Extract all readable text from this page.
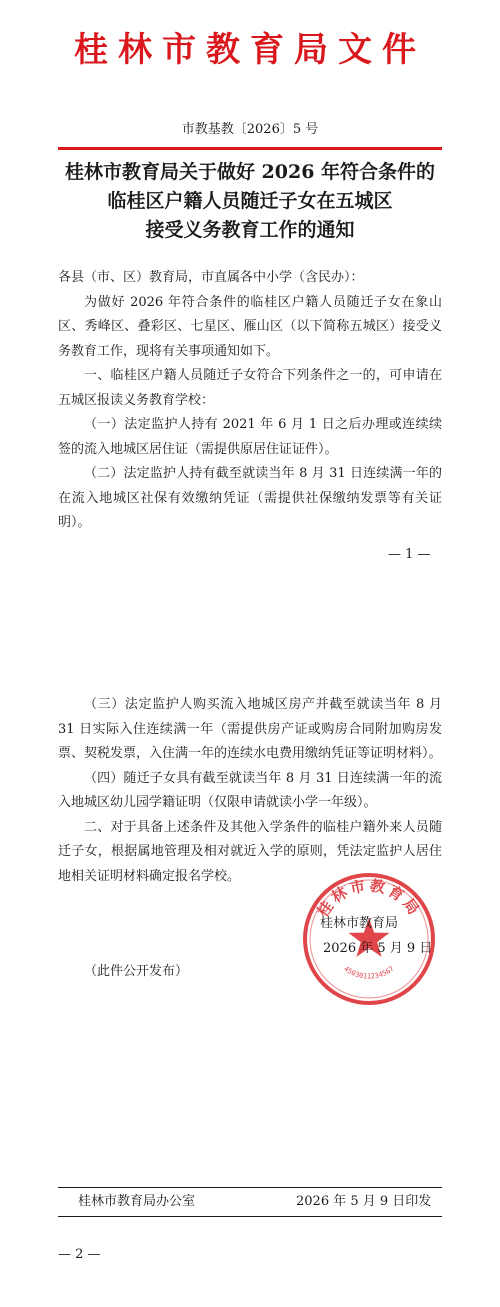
桂林市教育局文件
市教基教〔2026〕5 号
桂林市教育局关于做好 2026 年符合条件的
临桂区户籍人员随迁子女在五城区
接受义务教育工作的通知

各县（市、区）教育局，市直属各中小学（含民办）：

为做好 2026 年符合条件的临桂区户籍人员随迁子女在象山区、秀峰区、叠彩区、七星区、雁山区（以下简称五城区）接受义务教育工作，现将有关事项通知如下。

一、临桂区户籍人员随迁子女符合下列条件之一的，可申请在五城区报读义务教育学校：

（一）法定监护人持有 2021 年 6 月 1 日之后办理或连续续签的流入地城区居住证（需提供原居住证证件）。

（二）法定监护人持有截至就读当年 8 月 31 日连续满一年的在流入地城区社保有效缴纳凭证（需提供社保缴纳发票等有关证明）。

— 1 —

（三）法定监护人购买流入地城区房产并截至就读当年 8 月 31 日实际入住连续满一年（需提供房产证或购房合同附加购房发票、契税发票，入住满一年的连续水电费用缴纳凭证等证明材料）。

（四）随迁子女具有截至就读当年 8 月 31 日连续满一年的流入地城区幼儿园学籍证明（仅限申请就读小学一年级）。

二、对于具备上述条件及其他入学条件的临桂户籍外来人员随迁子女，根据属地管理及相对就近入学的原则，凭法定监护人居住地相关证明材料确定报名学校。

桂林市教育局
4503011234567
桂林市教育局
2026 年 5 月 9 日
（此件公开发布）
桂林市教育局办公室	2026 年 5 月 9 日印发
— 2 —
